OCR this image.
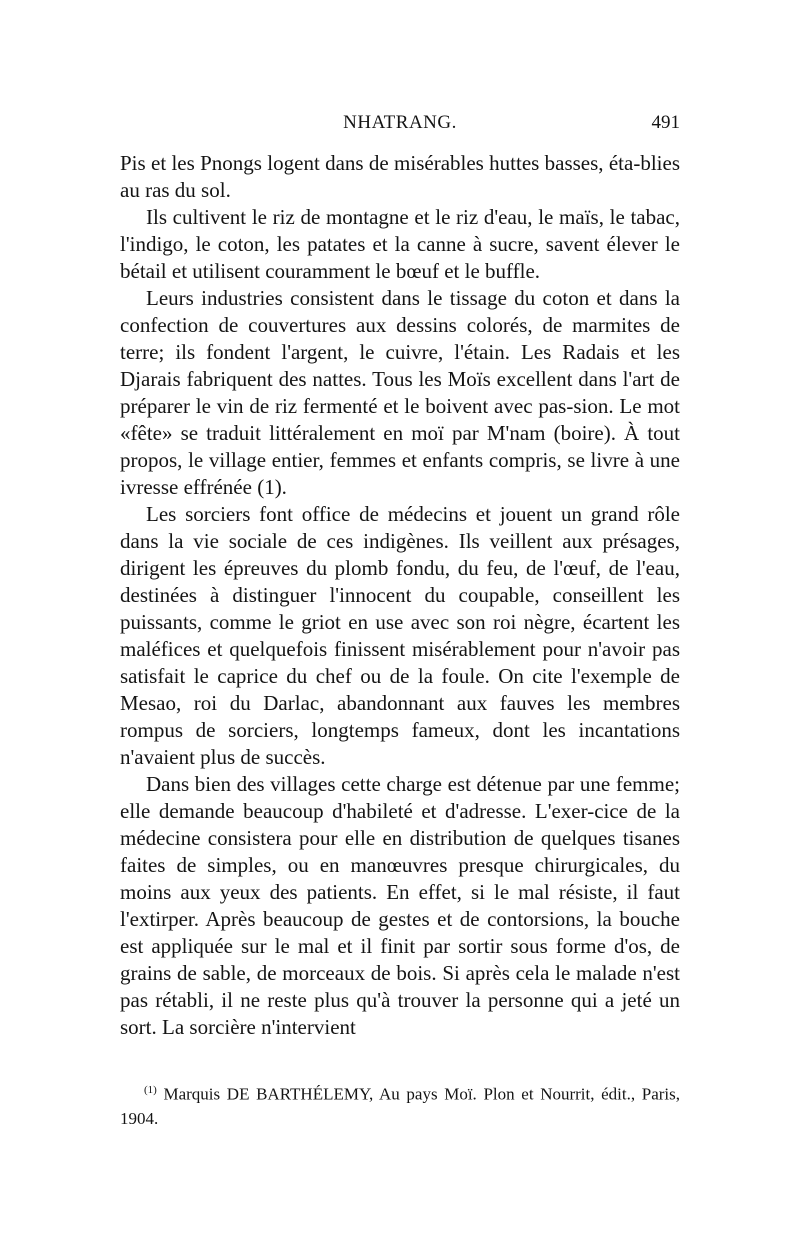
NHATRANG.	491

Pis et les Pnongs logent dans de misérables huttes basses, éta-blies au ras du sol.

Ils cultivent le riz de montagne et le riz d'eau, le maïs, le tabac, l'indigo, le coton, les patates et la canne à sucre, savent élever le bétail et utilisent couramment le bœuf et le buffle.

Leurs industries consistent dans le tissage du coton et dans la confection de couvertures aux dessins colorés, de marmites de terre; ils fondent l'argent, le cuivre, l'étain. Les Radais et les Djarais fabriquent des nattes. Tous les Moïs excellent dans l'art de préparer le vin de riz fermenté et le boivent avec pas-sion. Le mot «fête» se traduit littéralement en moï par M'nam (boire). À tout propos, le village entier, femmes et enfants compris, se livre à une ivresse effrénée (1).

Les sorciers font office de médecins et jouent un grand rôle dans la vie sociale de ces indigènes. Ils veillent aux présages, dirigent les épreuves du plomb fondu, du feu, de l'œuf, de l'eau, destinées à distinguer l'innocent du coupable, conseillent les puissants, comme le griot en use avec son roi nègre, écartent les maléfices et quelquefois finissent misérablement pour n'avoir pas satisfait le caprice du chef ou de la foule. On cite l'exemple de Mesao, roi du Darlac, abandonnant aux fauves les membres rompus de sorciers, longtemps fameux, dont les incantations n'avaient plus de succès.

Dans bien des villages cette charge est détenue par une femme; elle demande beaucoup d'habileté et d'adresse. L'exer-cice de la médecine consistera pour elle en distribution de quelques tisanes faites de simples, ou en manœuvres presque chirurgicales, du moins aux yeux des patients. En effet, si le mal résiste, il faut l'extirper. Après beaucoup de gestes et de contorsions, la bouche est appliquée sur le mal et il finit par sortir sous forme d'os, de grains de sable, de morceaux de bois. Si après cela le malade n'est pas rétabli, il ne reste plus qu'à trouver la personne qui a jeté un sort. La sorcière n'intervient

$^{(1)}$ Marquis DE BARTHÉLEMY, Au pays Moï. Plon et Nourrit, édit., Paris, 1904.
